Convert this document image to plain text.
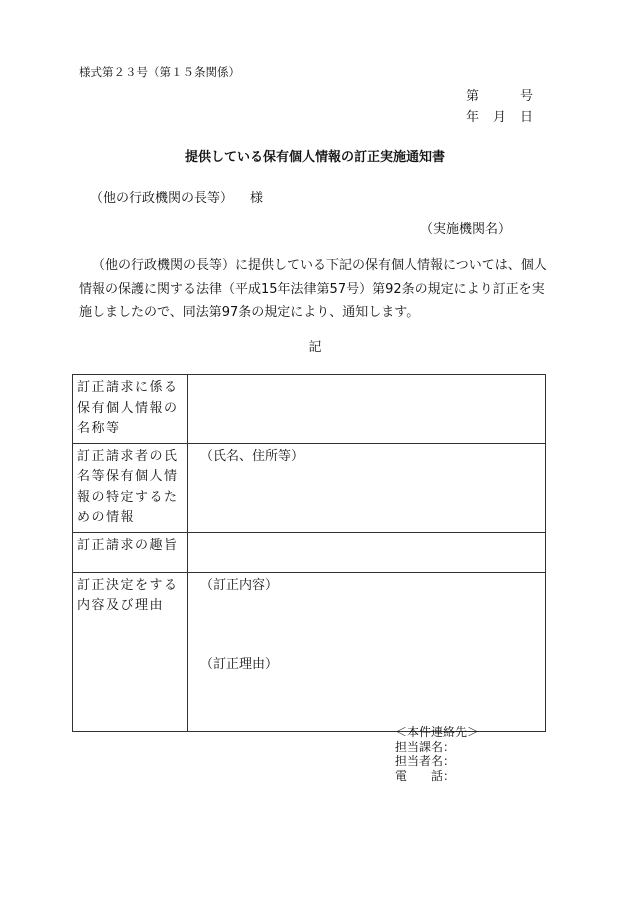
様式第２３号（第１５条関係）
第	号
年 月 日
提供している保有個人情報の訂正実施通知書
（他の行政機関の長等） 様
（実施機関名）
（他の行政機関の長等）に提供している下記の保有個人情報については、個人情報の保護に関する法律（平成15年法律第57号）第92条の規定により訂正を実施しましたので、同法第97条の規定により、通知します。
記
訂正請求に係る保有個人情報の名称等	
訂正請求者の氏名等保有個人情報の特定するための情報	（氏名、住所等）
訂正請求の趣旨	
訂正決定をする内容及び理由	（訂正内容）
（訂正理由）
＜本件連絡先＞
担当課名：
担当者名：
電　　話：
